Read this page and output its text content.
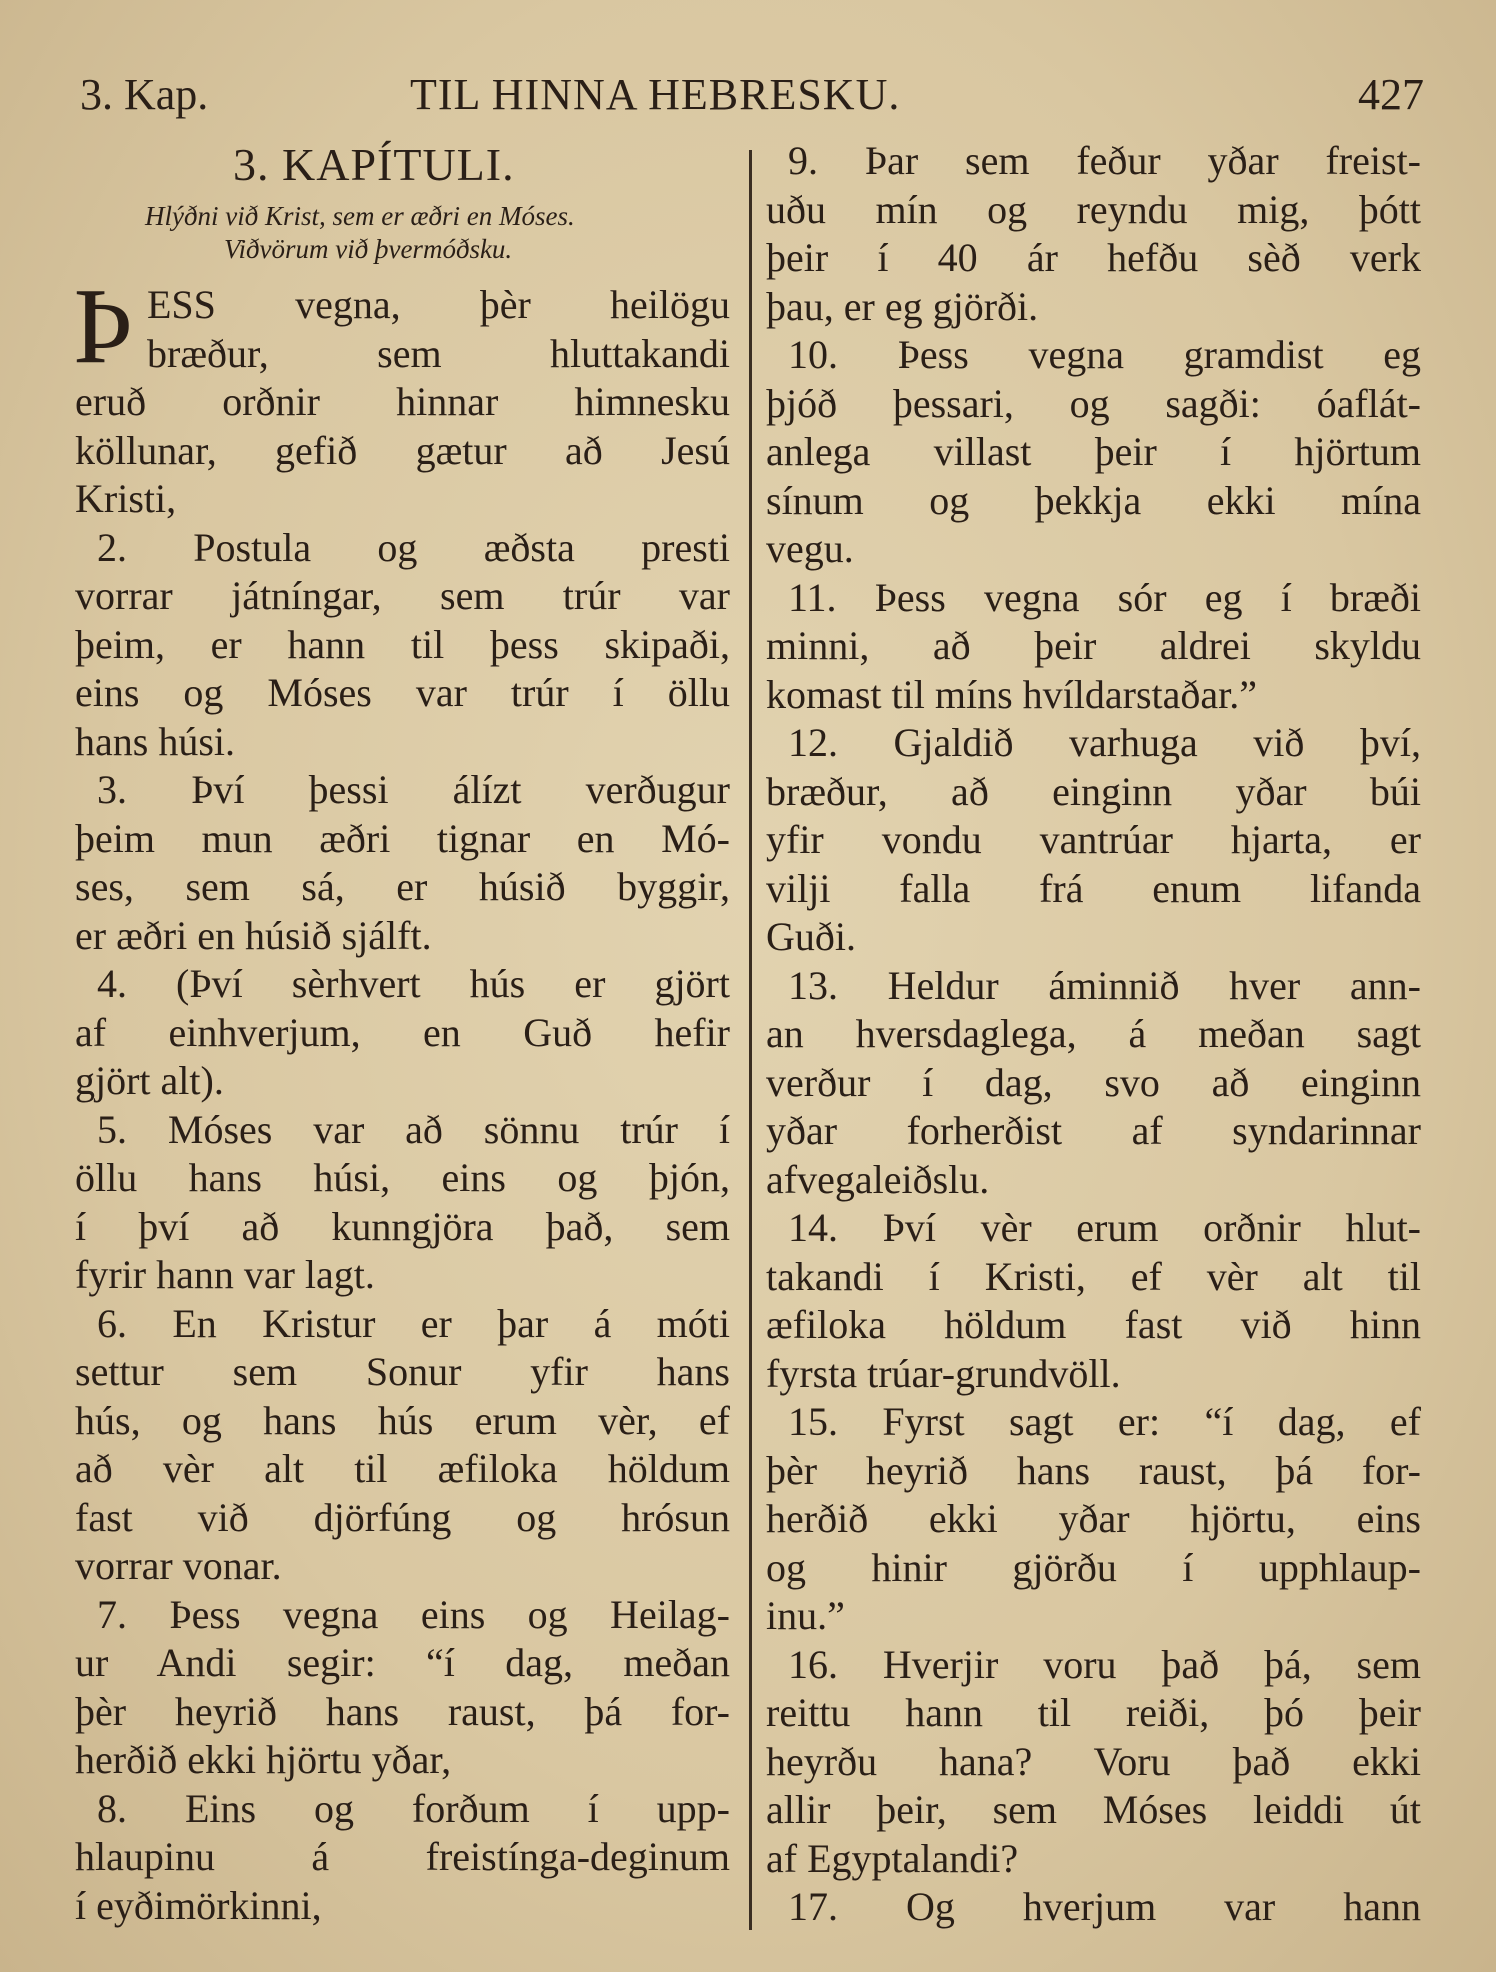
3. Kap.	TIL HINNA HEBRESKU.	427
3. KAPÍTULI.
Hlýðni við Krist, sem er æðri en Móses.
Viðvörum við þvermóðsku.
Þ ESS vegna, þèr heilögu
bræður, sem hluttakandi
eruð orðnir hinnar himnesku
köllunar, gefið gætur að Jesú
Kristi,
2. Postula og æðsta presti
vorrar játníngar, sem trúr var
þeim, er hann til þess skipaði,
eins og Móses var trúr í öllu
hans húsi.
3. Því þessi álízt verðugur
þeim mun æðri tignar en Mó-
ses, sem sá, er húsið byggir,
er æðri en húsið sjálft.
4. (Því sèrhvert hús er gjört
af einhverjum, en Guð hefir
gjört alt).
5. Móses var að sönnu trúr í
öllu hans húsi, eins og þjón,
í því að kunngjöra það, sem
fyrir hann var lagt.
6. En Kristur er þar á móti
settur sem Sonur yfir hans
hús, og hans hús erum vèr, ef
að vèr alt til æfiloka höldum
fast við djörfúng og hrósun
vorrar vonar.
7. Þess vegna eins og Heilag-
ur Andi segir: “í dag, meðan
þèr heyrið hans raust, þá for-
herðið ekki hjörtu yðar,
8. Eins og forðum í upp-
hlaupinu á freistínga-deginum
í eyðimörkinni,
9. Þar sem feður yðar freist-
uðu mín og reyndu mig, þótt
þeir í 40 ár hefðu sèð verk
þau, er eg gjörði.
10. Þess vegna gramdist eg
þjóð þessari, og sagði: óaflát-
anlega villast þeir í hjörtum
sínum og þekkja ekki mína
vegu.
11. Þess vegna sór eg í bræði
minni, að þeir aldrei skyldu
komast til míns hvíldarstaðar.”
12. Gjaldið varhuga við því,
bræður, að einginn yðar búi
yfir vondu vantrúar hjarta, er
vilji falla frá enum lifanda
Guði.
13. Heldur áminnið hver ann-
an hversdaglega, á meðan sagt
verður í dag, svo að einginn
yðar forherðist af syndarinnar
afvegaleiðslu.
14. Því vèr erum orðnir hlut-
takandi í Kristi, ef vèr alt til
æfiloka höldum fast við hinn
fyrsta trúar-grundvöll.
15. Fyrst sagt er: “í dag, ef
þèr heyrið hans raust, þá for-
herðið ekki yðar hjörtu, eins
og hinir gjörðu í upphlaup-
inu.”
16. Hverjir voru það þá, sem
reittu hann til reiði, þó þeir
heyrðu hana? Voru það ekki
allir þeir, sem Móses leiddi út
af Egyptalandi?
17. Og hverjum var hann
